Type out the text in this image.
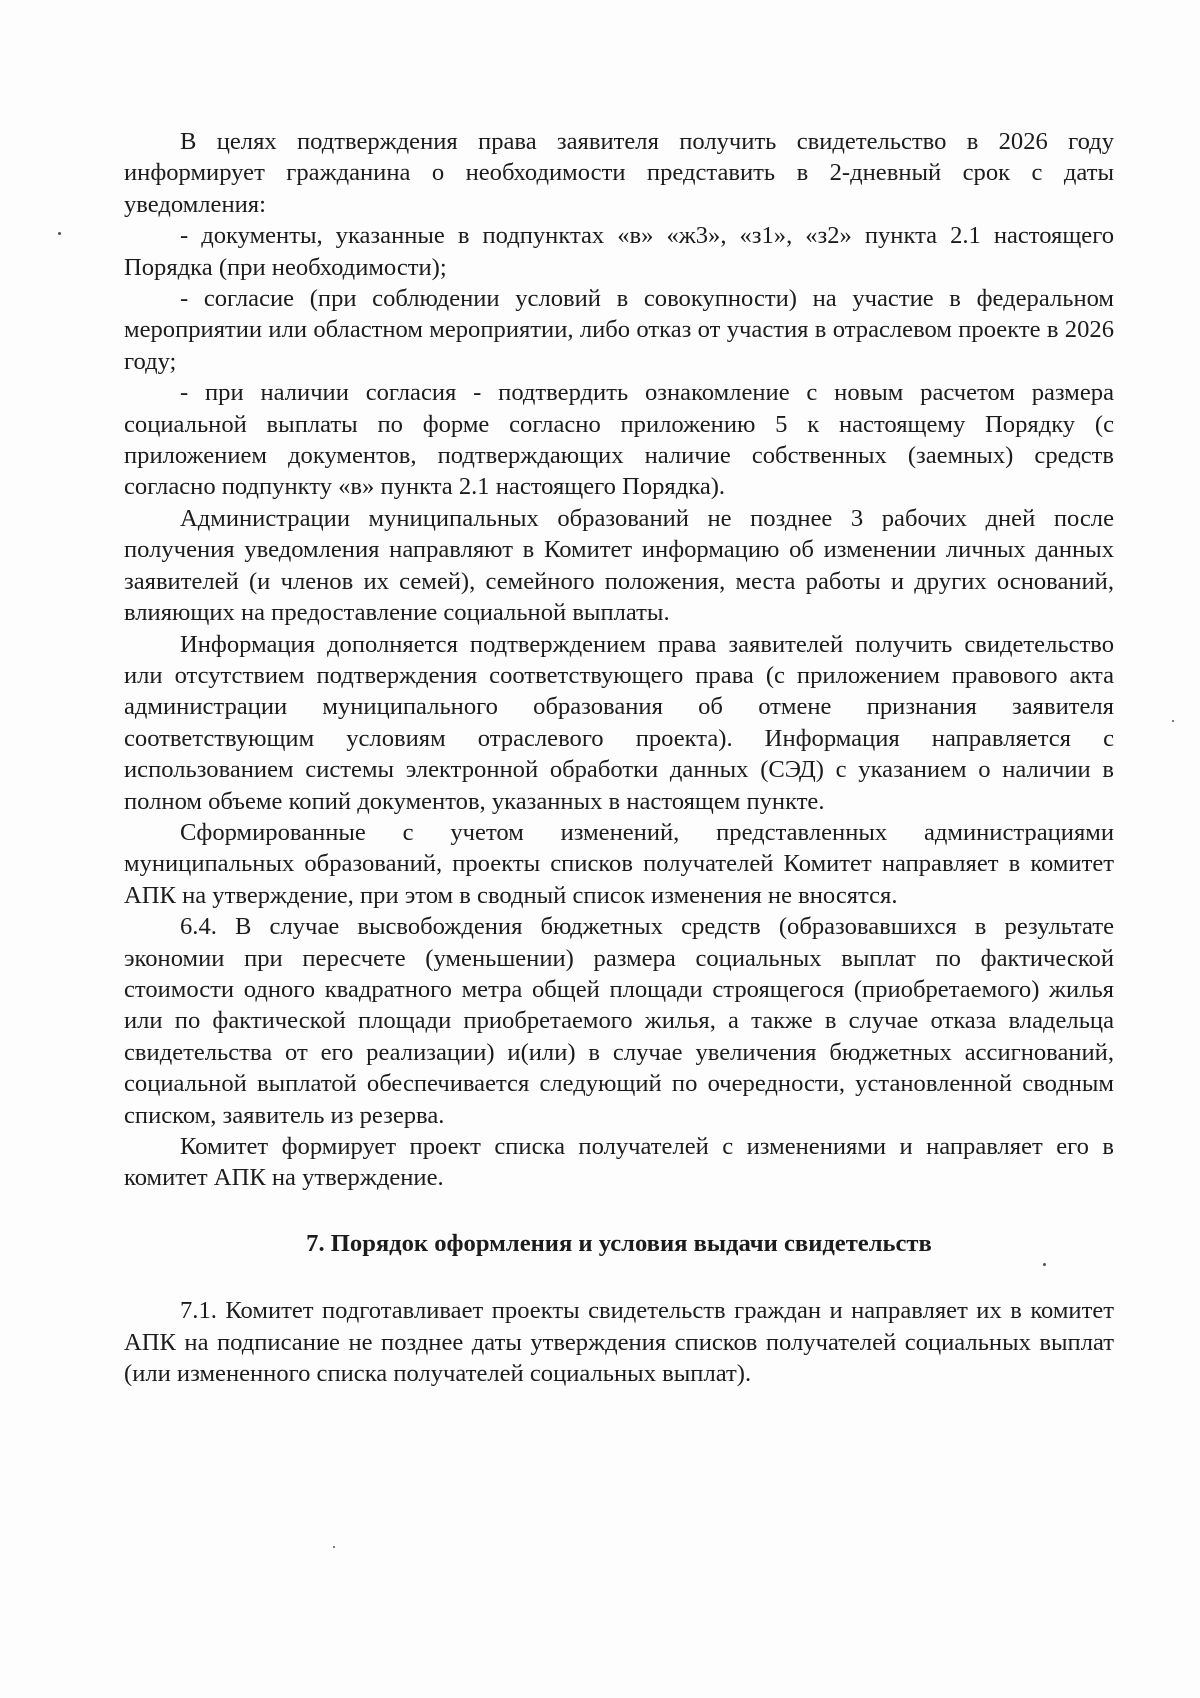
В целях подтверждения права заявителя получить свидетельство в 2026 году информирует гражданина о необходимости представить в 2-дневный срок с даты уведомления:

- документы, указанные в подпунктах «в» «ж3», «з1», «з2» пункта 2.1 настоящего Порядка (при необходимости);

- согласие (при соблюдении условий в совокупности) на участие в федеральном мероприятии или областном мероприятии, либо отказ от участия в отраслевом проекте в 2026 году;

- при наличии согласия - подтвердить ознакомление с новым расчетом размера социальной выплаты по форме согласно приложению 5 к настоящему Порядку (с приложением документов, подтверждающих наличие собственных (заемных) средств согласно подпункту «в» пункта 2.1 настоящего Порядка).

Администрации муниципальных образований не позднее 3 рабочих дней после получения уведомления направляют в Комитет информацию об изменении личных данных заявителей (и членов их семей), семейного положения, места работы и других оснований, влияющих на предоставление социальной выплаты.

Информация дополняется подтверждением права заявителей получить свидетельство или отсутствием подтверждения соответствующего права (с приложением правового акта администрации муниципального образования об отмене признания заявителя соответствующим условиям отраслевого проекта). Информация направляется с использованием системы электронной обработки данных (СЭД) с указанием о наличии в полном объеме копий документов, указанных в настоящем пункте.

Сформированные с учетом изменений, представленных администрациями муниципальных образований, проекты списков получателей Комитет направляет в комитет АПК на утверждение, при этом в сводный список изменения не вносятся.

6.4. В случае высвобождения бюджетных средств (образовавшихся в результате экономии при пересчете (уменьшении) размера социальных выплат по фактической стоимости одного квадратного метра общей площади строящегося (приобретаемого) жилья или по фактической площади приобретаемого жилья, а также в случае отказа владельца свидетельства от его реализации) и(или) в случае увеличения бюджетных ассигнований, социальной выплатой обеспечивается следующий по очередности, установленной сводным списком, заявитель из резерва.

Комитет формирует проект списка получателей с изменениями и направляет его в комитет АПК на утверждение.

7. Порядок оформления и условия выдачи свидетельств

7.1. Комитет подготавливает проекты свидетельств граждан и направляет их в комитет АПК на подписание не позднее даты утверждения списков получателей социальных выплат (или измененного списка получателей социальных выплат).
